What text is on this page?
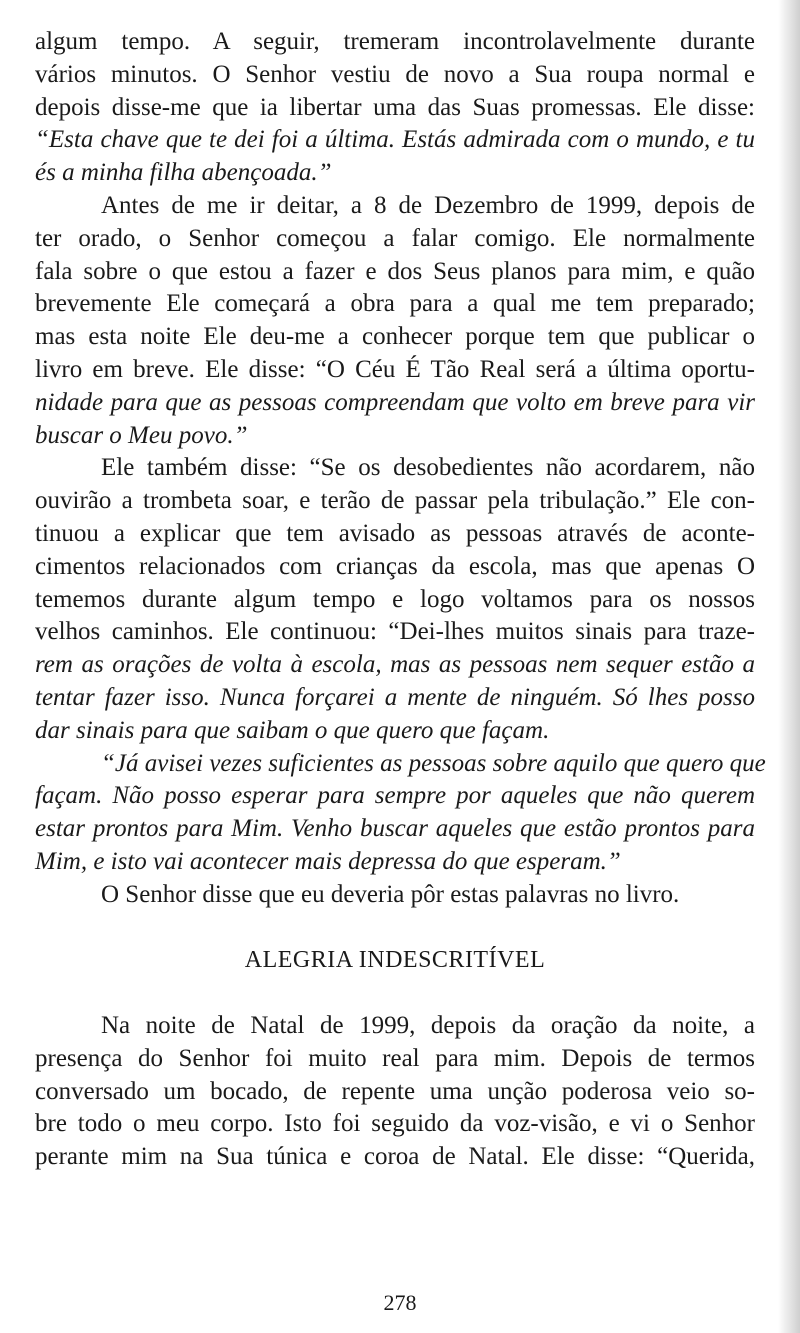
algum tempo. A seguir, tremeram incontrolavelmente durante
vários minutos. O Senhor vestiu de novo a Sua roupa normal e
depois disse-me que ia libertar uma das Suas promessas. Ele disse:
“Esta chave que te dei foi a última. Estás admirada com o mundo, e tu
és a minha filha abençoada.”
Antes de me ir deitar, a 8 de Dezembro de 1999, depois de
ter orado, o Senhor começou a falar comigo. Ele normalmente
fala sobre o que estou a fazer e dos Seus planos para mim, e quão
brevemente Ele começará a obra para a qual me tem preparado;
mas esta noite Ele deu-me a conhecer porque tem que publicar o
livro em breve. Ele disse: “O Céu É Tão Real será a última oportu-
nidade para que as pessoas compreendam que volto em breve para vir
buscar o Meu povo.”
Ele também disse: “Se os desobedientes não acordarem, não
ouvirão a trombeta soar, e terão de passar pela tribulação.” Ele con-
tinuou a explicar que tem avisado as pessoas através de aconte-
cimentos relacionados com crianças da escola, mas que apenas O
tememos durante algum tempo e logo voltamos para os nossos
velhos caminhos. Ele continuou: “Dei-lhes muitos sinais para traze-
rem as orações de volta à escola, mas as pessoas nem sequer estão a
tentar fazer isso. Nunca forçarei a mente de ninguém. Só lhes posso
dar sinais para que saibam o que quero que façam.
“Já avisei vezes suficientes as pessoas sobre aquilo que quero que
façam. Não posso esperar para sempre por aqueles que não querem
estar prontos para Mim. Venho buscar aqueles que estão prontos para
Mim, e isto vai acontecer mais depressa do que esperam.”
O Senhor disse que eu deveria pôr estas palavras no livro.
ALEGRIA INDESCRITÍVEL
Na noite de Natal de 1999, depois da oração da noite, a
presença do Senhor foi muito real para mim. Depois de termos
conversado um bocado, de repente uma unção poderosa veio so-
bre todo o meu corpo. Isto foi seguido da voz-visão, e vi o Senhor
perante mim na Sua túnica e coroa de Natal. Ele disse: “Querida,
278
